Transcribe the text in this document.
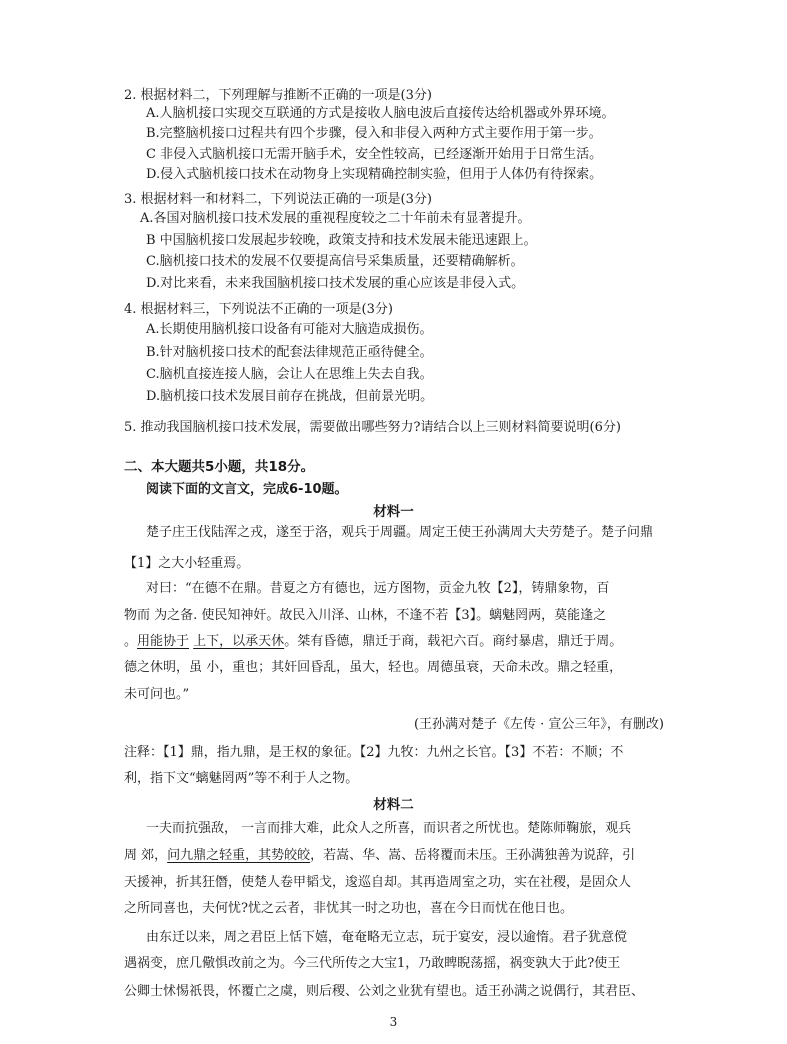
2. 根据材料二，下列理解与推断不正确的一项是(3分)
A.人脑机接口实现交互联通的方式是接收人脑电波后直接传达给机器或外界环境。
B.完整脑机接口过程共有四个步骤，侵入和非侵入两种方式主要作用于第一步。
C 非侵入式脑机接口无需开脑手术，安全性较高，已经逐渐开始用于日常生活。
D.侵入式脑机接口技术在动物身上实现精确控制实验，但用于人体仍有待探索。
3. 根据材料一和材料二，下列说法正确的一项是(3分)
A.各国对脑机接口技术发展的重视程度较之二十年前未有显著提升。
B 中国脑机接口发展起步较晚，政策支持和技术发展未能迅速跟上。
C.脑机接口技术的发展不仅要提高信号采集质量，还要精确解析。
D.对比来看，未来我国脑机接口技术发展的重心应该是非侵入式。
4. 根据材料三，下列说法不正确的一项是(3分)
A.长期使用脑机接口设备有可能对大脑造成损伤。
B.针对脑机接口技术的配套法律规范正亟待健全。
C.脑机直接连接人脑，会让人在思维上失去自我。
D.脑机接口技术发展目前存在挑战，但前景光明。
5. 推动我国脑机接口技术发展，需要做出哪些努力?请结合以上三则材料简要说明(6分)
二、本大题共5小题，共18分。
阅读下面的文言文，完成6-10题。
材料一
楚子庄王伐陆浑之戎，遂至于洛，观兵于周疆。周定王使王孙满周大夫劳楚子。楚子问鼎
【1】之大小轻重焉。
对曰：“在德不在鼎。昔夏之方有德也，远方图物，贡金九牧【2】，铸鼎象物，百
物而 为之备. 使民知神奸。故民入川泽、山林，不逢不若【3】。螭魅罔两，莫能逢之
。用能协于 上下，以承天休。桀有昏德，鼎迁于商，载祀六百。商纣暴虐，鼎迁于周。
德之休明，虽 小，重也；其奸回昏乱，虽大，轻也。周德虽衰，天命未改。鼎之轻重，
未可问也。”
(王孙满对楚子《左传 · 宣公三年》，有删改)
注释：【1】鼎，指九鼎，是王权的象征。【2】九牧：九州之长官。【3】不若：不顺；不
利，指下文“螭魅罔两”等不利于人之物。
材料二
一夫而抗强敌， 一言而排大难，此众人之所喜，而识者之所忧也。楚陈师鞠旅，观兵
周 郊，问九鼎之轻重，其势皎皎，若嵩、华、嵩、岳将覆而未压。王孙满独善为说辞，引
天援神，折其狂僭，使楚人卷甲韬戈，逡巡自却。其再造周室之功，实在社稷，是固众人
之所同喜也，夫何忧?忧之云者，非忧其一时之功也，喜在今日而忧在他日也。
由东迁以来，周之君臣上恬下嬉，奄奄略无立志，玩于宴安，浸以逾惰。君子犹意傥
遇祸变，庶几儆惧改前之为。今三代所传之大宝1，乃敢睥睨荡摇，祸变孰大于此?使王
公卿士怵惕祇畏，怀覆亡之虞，则后稷、公刘之业犹有望也。适王孙满之说偶行，其君臣、
3
